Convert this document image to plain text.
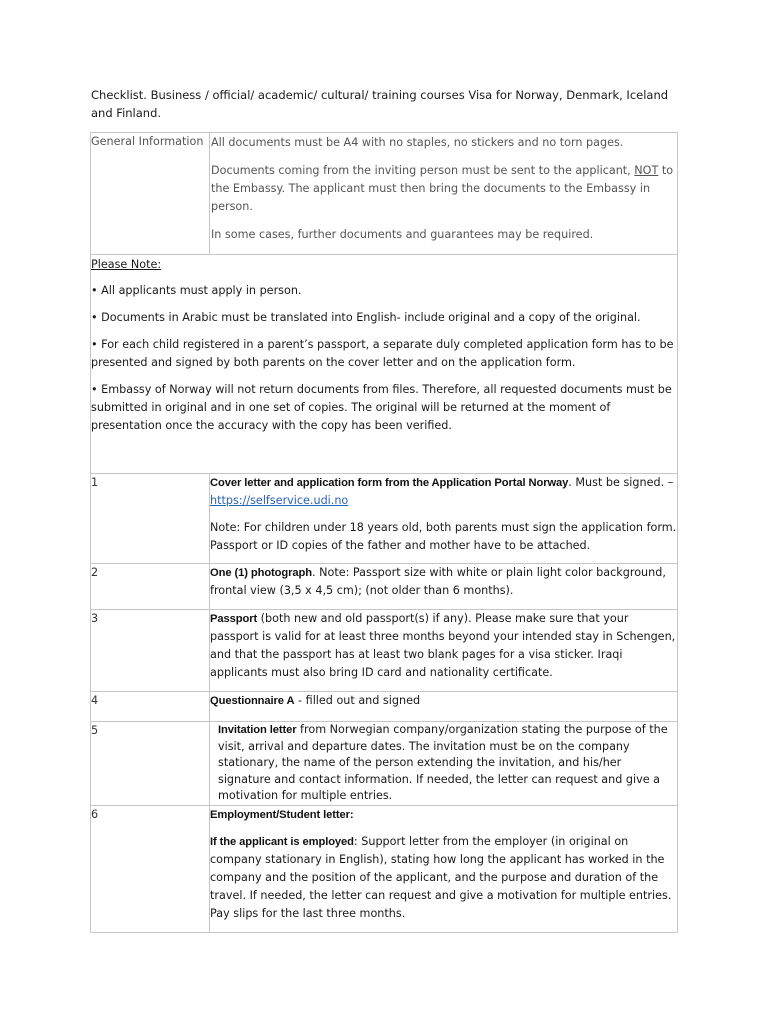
Checklist. Business / official/ academic/ cultural/ training courses Visa for Norway, Denmark, Iceland and Finland.
General Information	All documents must be A4 with no staples, no stickers and no torn pages.

Documents coming from the inviting person must be sent to the applicant, NOT to the Embassy. The applicant must then bring the documents to the Embassy in person.

In some cases, further documents and guarantees may be required.

Please Note:

• All applicants must apply in person.

• Documents in Arabic must be translated into English- include original and a copy of the original.

• For each child registered in a parent’s passport, a separate duly completed application form has to be presented and signed by both parents on the cover letter and on the application form.

• Embassy of Norway will not return documents from files. Therefore, all requested documents must be submitted in original and in one set of copies. The original will be returned at the moment of presentation once the accuracy with the copy has been verified.	

1	Cover letter and application form from the Application Portal Norway. Must be signed. – https://selfservice.udi.no

Note: For children under 18 years old, both parents must sign the application form. Passport or ID copies of the father and mother have to be attached.

2	One (1) photograph. Note: Passport size with white or plain light color background, frontal view (3,5 x 4,5 cm); (not older than 6 months).

3	Passport (both new and old passport(s) if any). Please make sure that your passport is valid for at least three months beyond your intended stay in Schengen, and that the passport has at least two blank pages for a visa sticker. Iraqi applicants must also bring ID card and nationality certificate.

4	Questionnaire A - filled out and signed

5	Invitation letter from Norwegian company/organization stating the purpose of the visit, arrival and departure dates. The invitation must be on the company stationary, the name of the person extending the invitation, and his/her signature and contact information. If needed, the letter can request and give a motivation for multiple entries.

6	Employment/Student letter:

If the applicant is employed: Support letter from the employer (in original on company stationary in English), stating how long the applicant has worked in the company and the position of the applicant, and the purpose and duration of the travel. If needed, the letter can request and give a motivation for multiple entries. Pay slips for the last three months.
